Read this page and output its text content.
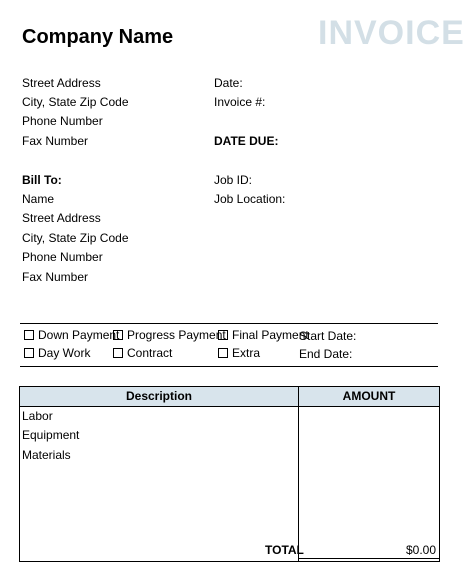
Company Name	INVOICE
Street Address
City, State Zip Code
Phone Number
Fax Number
Date:
Invoice #:
DATE DUE:
Bill To:
Name
Street Address
City, State Zip Code
Phone Number
Fax Number
Job ID:
Job Location:
Down Payment Progress Payment Final Payment
Start Date:
Day Work	Contract	Extra	End Date:
Description	AMOUNT
Labor
Equipment
Materials
TOTAL	$0.00
